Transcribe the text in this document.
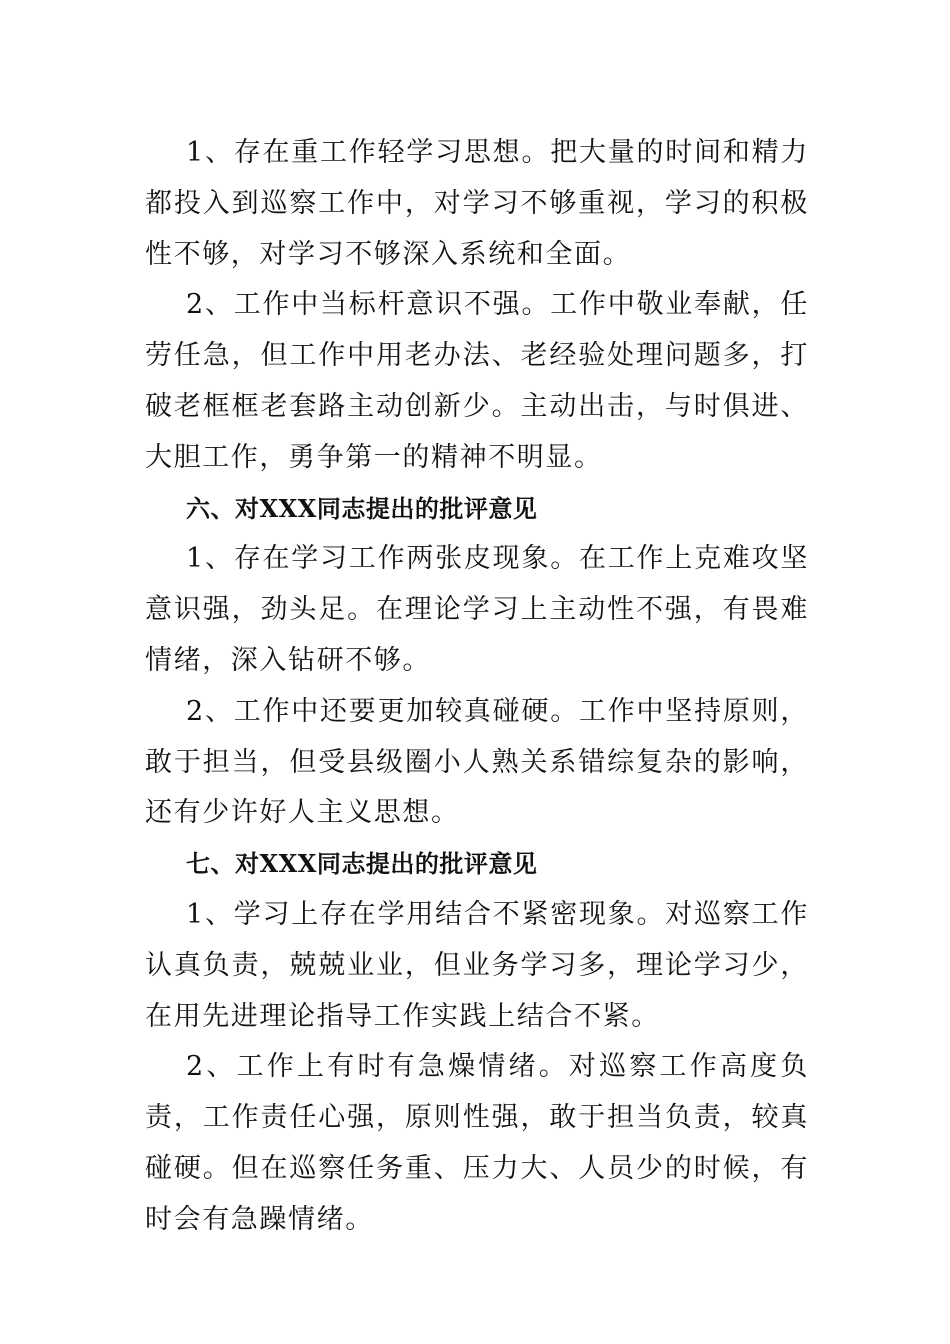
1、存在重工作轻学习思想。把大量的时间和精力都投入到巡察工作中，对学习不够重视，学习的积极性不够，对学习不够深入系统和全面。

2、工作中当标杆意识不强。工作中敬业奉献，任劳任急，但工作中用老办法、老经验处理问题多，打破老框框老套路主动创新少。主动出击，与时俱进、大胆工作，勇争第一的精神不明显。

六、对XXX同志提出的批评意见

1、存在学习工作两张皮现象。在工作上克难攻坚意识强，劲头足。在理论学习上主动性不强，有畏难情绪，深入钻研不够。

2、工作中还要更加较真碰硬。工作中坚持原则，敢于担当，但受县级圈小人熟关系错综复杂的影响，还有少许好人主义思想。

七、对XXX同志提出的批评意见

1、学习上存在学用结合不紧密现象。对巡察工作认真负责，兢兢业业，但业务学习多，理论学习少，在用先进理论指导工作实践上结合不紧。

2、工作上有时有急燥情绪。对巡察工作高度负责，工作责任心强，原则性强，敢于担当负责，较真碰硬。但在巡察任务重、压力大、人员少的时候，有时会有急躁情绪。
